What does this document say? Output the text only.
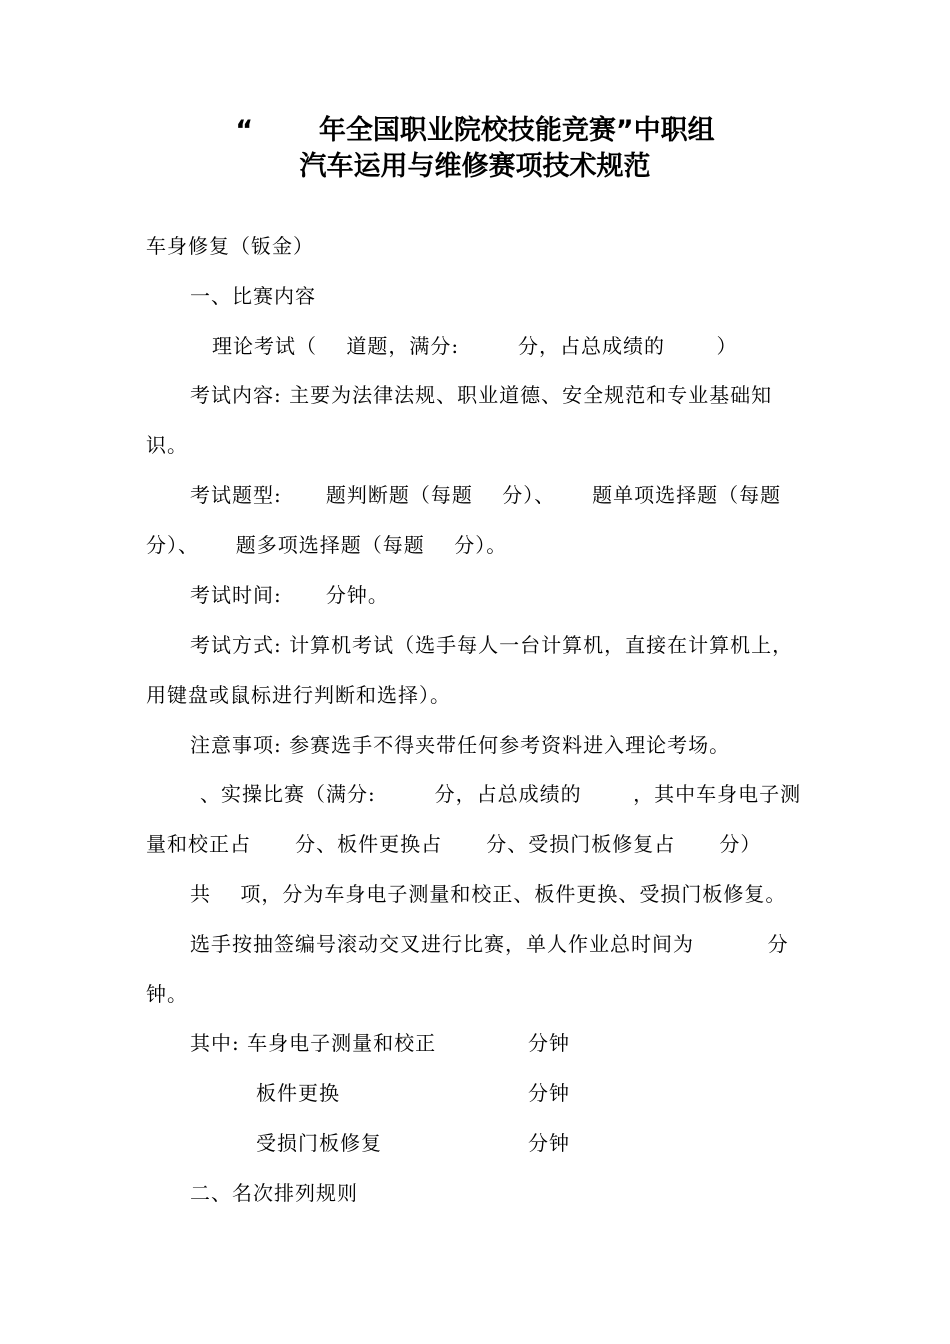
“       年全国职业院校技能竞赛”中职组
汽车运用与维修赛项技术规范
车身修复（钣金）
一、比赛内容
理论考试（    道题，满分:        分，占总成绩的       ）
考试内容: 主要为法律法规、职业道德、安全规范和专业基础知
识。
考试题型:      题判断题（每题    分）、     题单项选择题（每题
分）、     题多项选择题（每题    分）。
考试时间:      分钟。
考试方式: 计算机考试（选手每人一台计算机，直接在计算机上，
用键盘或鼠标进行判断和选择）。
注意事项: 参赛选手不得夹带任何参考资料进入理论考场。
、实操比赛（满分:        分，占总成绩的       ，其中车身电子测
量和校正占      分、板件更换占      分、受损门板修复占      分）
共    项，分为车身电子测量和校正、板件更换、受损门板修复。
选手按抽签编号滚动交叉进行比赛，单人作业总时间为          分
钟。
其中: 车身电子测量和校正	分钟
板件更换	分钟
受损门板修复	分钟
二、名次排列规则
